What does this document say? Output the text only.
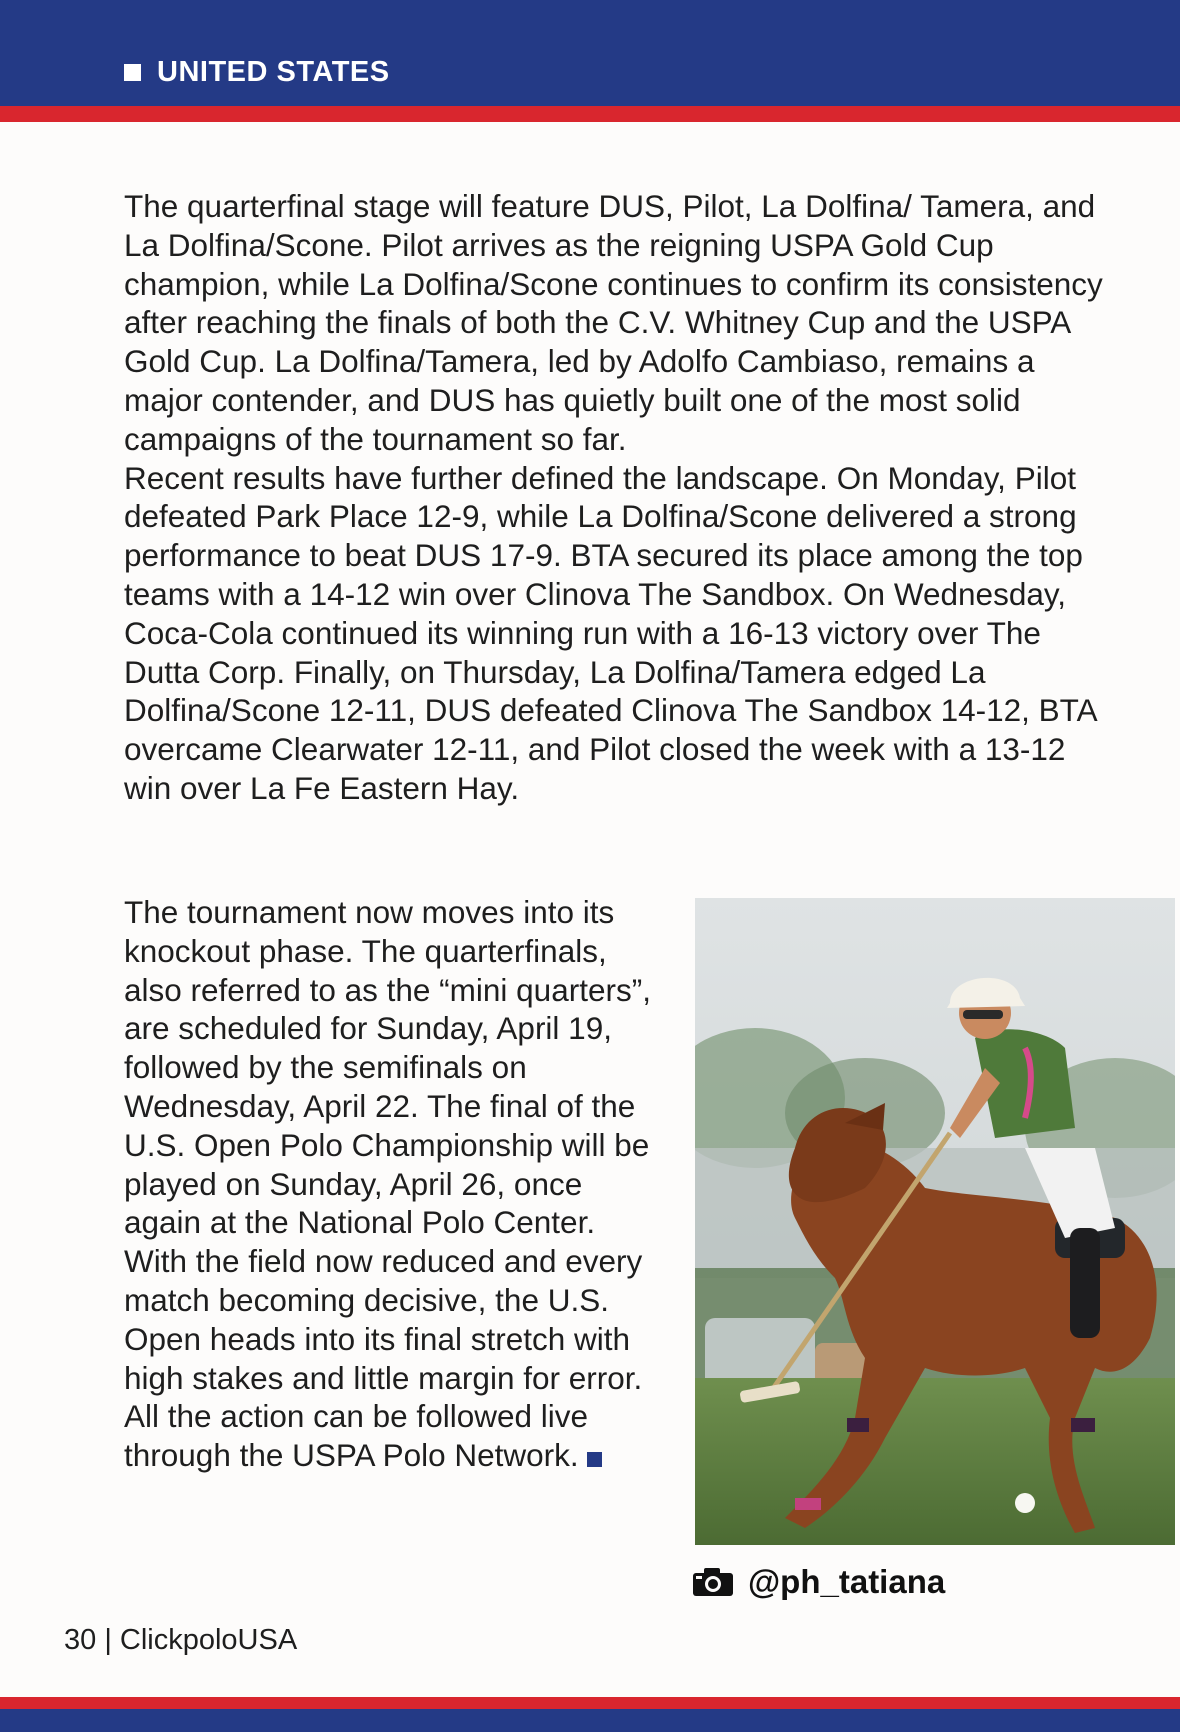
UNITED STATES

The quarterfinal stage will feature DUS, Pilot, La Dolfina/ Tamera, and La Dolfina/Scone. Pilot arrives as the reigning USPA Gold Cup champion, while La Dolfina/Scone continues to confirm its consistency after reaching the finals of both the C.V. Whitney Cup and the USPA Gold Cup. La Dolfina/Tamera, led by Adolfo Cambiaso, remains a major contender, and DUS has quietly built one of the most solid campaigns of the tournament so far.

Recent results have further defined the landscape. On Monday, Pilot defeated Park Place 12-9, while La Dolfina/Scone delivered a strong performance to beat DUS 17-9. BTA secured its place among the top teams with a 14-12 win over Clinova The Sandbox. On Wednesday, Coca-Cola continued its winning run with a 16-13 victory over The Dutta Corp. Finally, on Thursday, La Dolfina/Tamera edged La Dolfina/Scone 12-11, DUS defeated Clinova The Sandbox 14-12, BTA overcame Clearwater 12-11, and Pilot closed the week with a 13-12 win over La Fe Eastern Hay.

The tournament now moves into its knockout phase. The quarterfinals, also referred to as the “mini quarters”, are scheduled for Sunday, April 19, followed by the semifinals on Wednesday, April 22. The final of the U.S. Open Polo Championship will be played on Sunday, April 26, once again at the National Polo Center.

With the field now reduced and every match becoming decisive, the U.S. Open heads into its final stretch with high stakes and little margin for error. All the action can be followed live through the USPA Polo Network.

@ph_tatiana
30 | ClickpoloUSA
